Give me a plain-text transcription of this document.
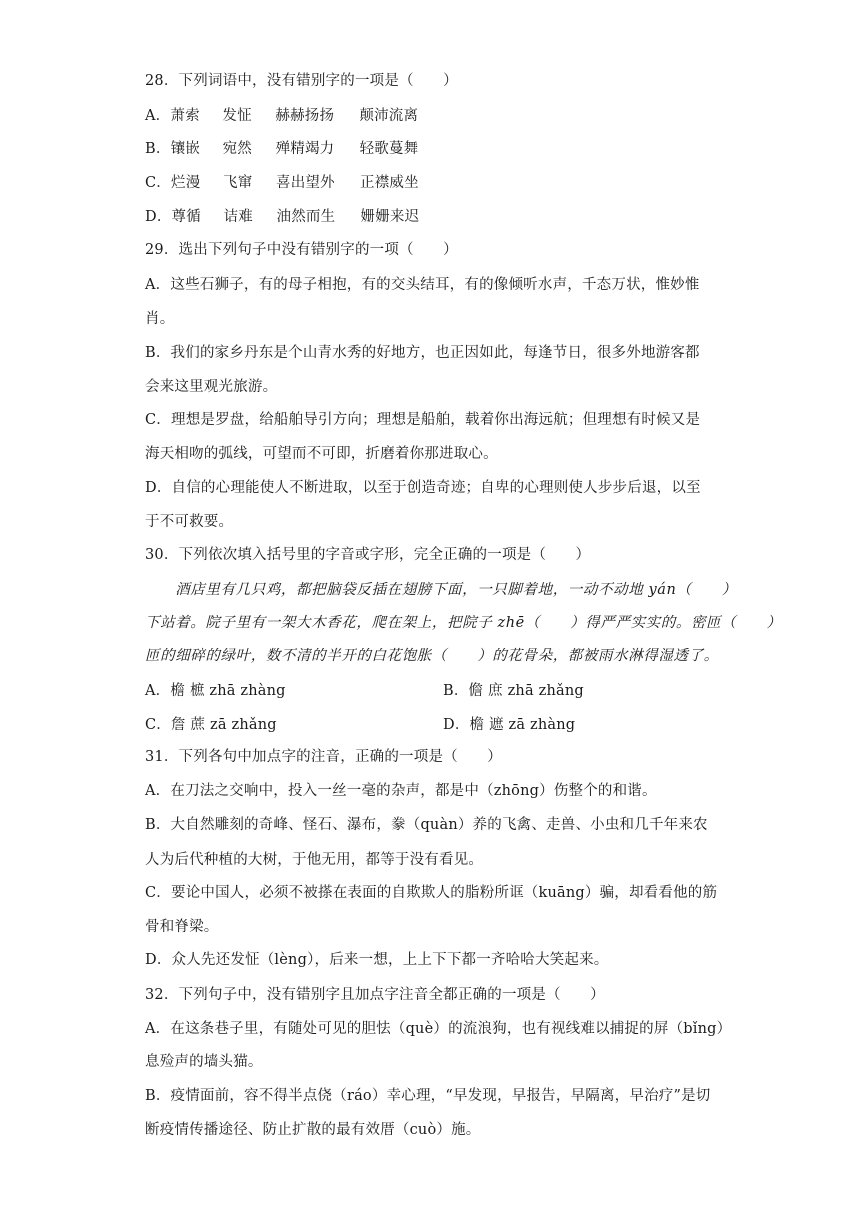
28．下列词语中，没有错别字的一项是（　　）
A．萧索 发怔 赫赫扬扬 颠沛流离
B．镶嵌 宛然 殚精竭力 轻歌蔓舞
C．烂漫 飞窜 喜出望外 正襟威坐
D．尊循 诘难 油然而生 姗姗来迟
29．选出下列句子中没有错别字的一项（　　）
A．这些石狮子，有的母子相抱，有的交头结耳，有的像倾听水声，千态万状，惟妙惟
肖。
B．我们的家乡丹东是个山青水秀的好地方，也正因如此，每逢节日，很多外地游客都
会来这里观光旅游。
C．理想是罗盘，给船舶导引方向；理想是船舶，载着你出海远航；但理想有时候又是
海天相吻的弧线，可望而不可即，折磨着你那进取心。
D．自信的心理能使人不断进取，以至于创造奇迹；自卑的心理则使人步步后退，以至
于不可救要。
30．下列依次填入括号里的字音或字形，完全正确的一项是（　　）
　　酒店里有几只鸡，都把脑袋反插在翅膀下面，一只脚着地，一动不动地 yán（　　）
下站着。院子里有一架大木香花，爬在架上，把院子 zhē（　　）得严严实实的。密匝（　　）
匝的细碎的绿叶，数不清的半开的白花饱胀（　　）的花骨朵，都被雨水淋得湿透了。
A．檐 樜 zhā zhàng	B．儋 庶 zhā zhǎng
C．詹 蔗 zā zhǎng	D．檐 遮 zā zhàng
31．下列各句中加点字的注音，正确的一项是（　　）
A．在刀法之交响中，投入一丝一毫的杂声，都是中（zhōng）伤整个的和谐。
B．大自然雕刻的奇峰、怪石、瀑布，豢（quàn）养的飞禽、走兽、小虫和几千年来农
人为后代种植的大树，于他无用，都等于没有看见。
C．要论中国人，必须不被搽在表面的自欺欺人的脂粉所诓（kuāng）骗，却看看他的筋
骨和脊梁。
D．众人先还发怔（lèng），后来一想，上上下下都一齐哈哈大笑起来。
32．下列句子中，没有错别字且加点字注音全都正确的一项是（　　）
A．在这条巷子里，有随处可见的胆怯（què）的流浪狗，也有视线难以捕捉的屏（bǐng）
息殓声的墙头猫。
B．疫情面前，容不得半点侥（ráo）幸心理，“早发现，早报告，早隔离，早治疗”是切
断疫情传播途径、防止扩散的最有效厝（cuò）施。
